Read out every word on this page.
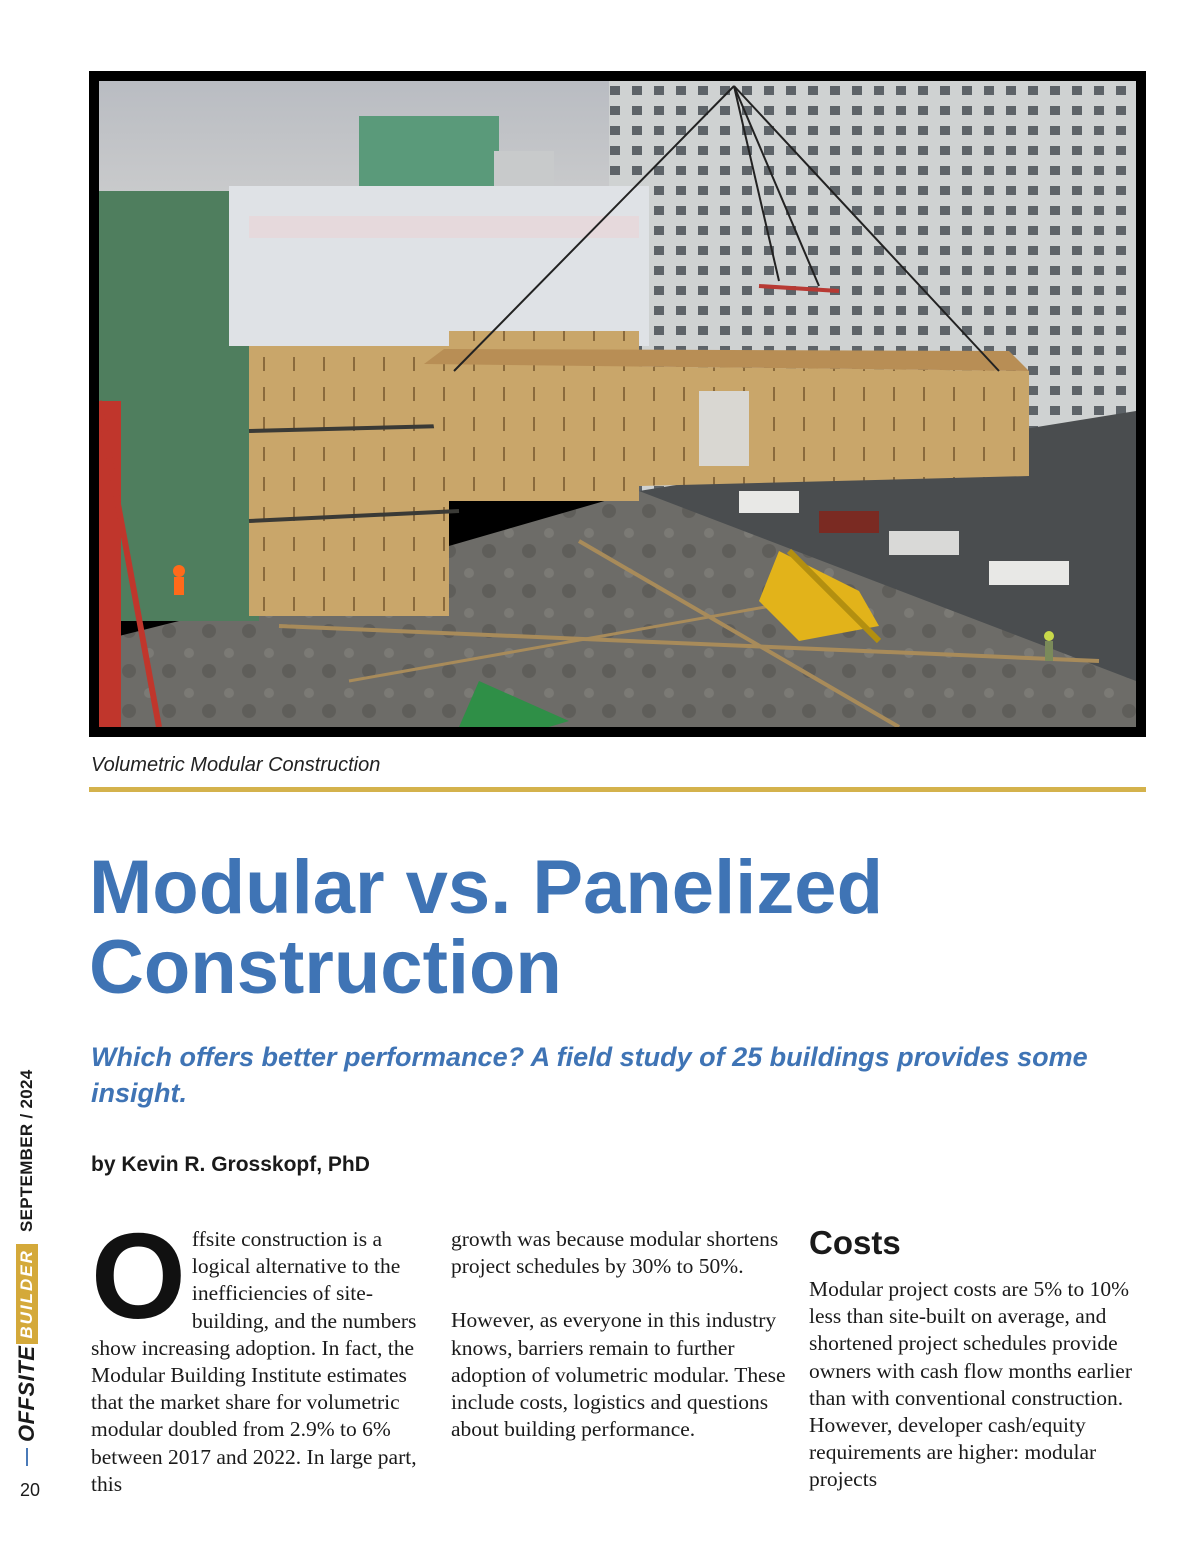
Volumetric Modular Construction
Modular vs. Panelized Construction

Which offers better performance? A field study of 25 buildings provides some insight.

by Kevin R. Grosskopf, PhD

OFFSITE
BUILDER
SEPTEMBER / 2024
20
O ffsite construction is a logical alternative to the inefficiencies of site-building, and the numbers show increasing adoption. In fact, the Modular Building Institute estimates that the market share for volumetric modular doubled from 2.9% to 6% between 2017 and 2022. In large part, this

growth was because modular shortens project schedules by 30% to 50%.

However, as everyone in this industry knows, barriers remain to further adoption of volumetric modular. These include costs, logistics and questions about building performance.

Costs

Modular project costs are 5% to 10% less than site-built on average, and shortened project schedules provide owners with cash flow months earlier than with conventional construction. However, developer cash/equity requirements are higher: modular projects
